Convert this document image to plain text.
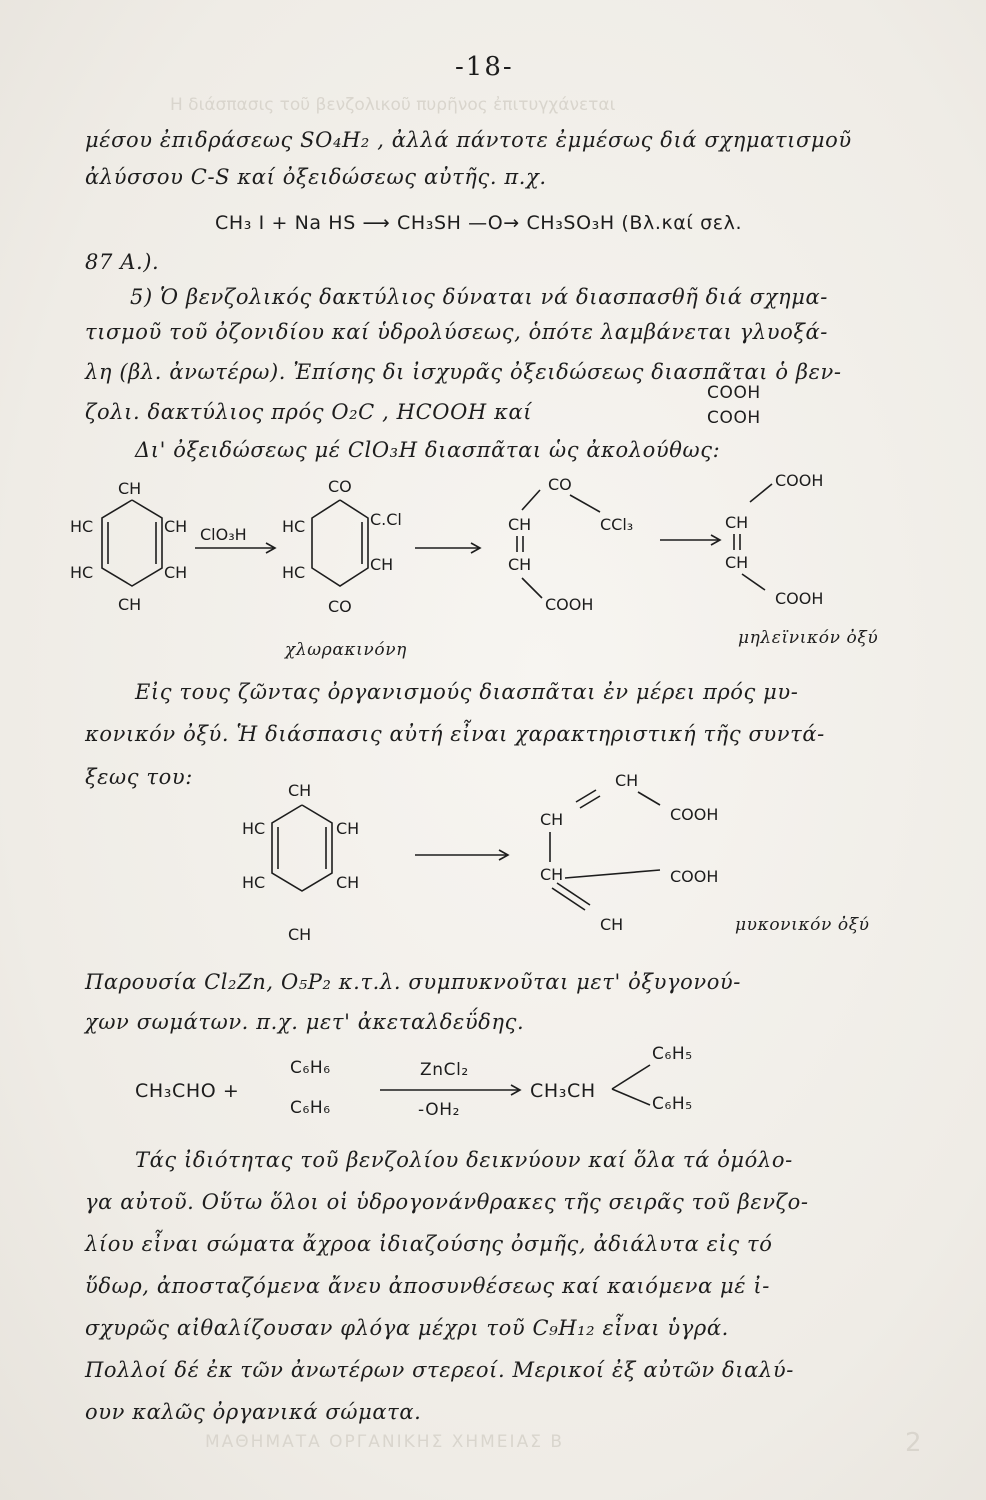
Η διάσπασις τοῦ βενζολικοῦ πυρῆνος ἐπιτυγχάνεται
ΜΑΘΗΜΑΤΑ ΟΡΓΑΝΙΚΗΣ ΧΗΜΕΙΑΣ B	2
-18-
μέσου ἐπιδράσεως SO₄H₂ , ἀλλά πάντοτε ἐμμέσως διά σχηματισμοῦ
ἀλύσσου C-S καί ὀξειδώσεως αὐτῆς. π.χ.
CH₃ I + Na HS ⟶ CH₃SH —O→ CH₃SO₃H (Βλ.καί σελ.
87 A.).
5) Ὁ βενζολικός δακτύλιος δύναται νά διασπασθῆ διά σχημα-
τισμοῦ τοῦ ὀζονιδίου καί ὑδρολύσεως, ὁπότε λαμβάνεται γλυοξά-
λη (βλ. ἀνωτέρω). Ἐπίσης δι ἰσχυρᾶς ὀξειδώσεως διασπᾶται ὁ βεν-
ζολι. δακτύλιος πρός O₂C , HCOOH καί
COOH
COOH
Δι' ὀξειδώσεως μέ ClO₃H διασπᾶται ὡς ἀκολούθως:
CH
HC	CH
HC	CH
CH
ClO₃H
CO
HC	C.Cl
HC	CH
CO
CO
CH
CH
CCl₃
COOH
COOH
CH
CH
COOH
χλωρακινόνη
μηλεϊνικόν ὀξύ
Εἰς τους ζῶντας ὀργανισμούς διασπᾶται ἐν μέρει πρός μυ-
κονικόν ὀξύ. Ἡ διάσπασις αὐτή εἶναι χαρακτηριστική τῆς συντά-
ξεως του:
CH
HC	CH
HC	CH
CH
CH
CH	COOH
CH	COOH
CH	μυκονικόν ὀξύ
Παρουσία Cl₂Zn, O₅P₂ κ.τ.λ. συμπυκνοῦται μετ' ὀξυγονού-
χων σωμάτων. π.χ. μετ' ἀκεταλδεΰδης.
CH₃CHO +
C₆H₆
C₆H₆
ZnCl₂
-OH₂
CH₃CH
C₆H₅
C₆H₅
Τάς ἰδιότητας τοῦ βενζολίου δεικνύουν καί ὅλα τά ὁμόλο-
γα αὐτοῦ. Οὕτω ὅλοι οἱ ὑδρογονάνθρακες τῆς σειρᾶς τοῦ βενζο-
λίου εἶναι σώματα ἄχροα ἰδιαζούσης ὀσμῆς, ἀδιάλυτα εἰς τό
ὕδωρ, ἀποσταζόμενα ἄνευ ἀποσυνθέσεως καί καιόμενα μέ ἰ-
σχυρῶς αἰθαλίζουσαν φλόγα μέχρι τοῦ C₉H₁₂ εἶναι ὑγρά.
Πολλοί δέ ἐκ τῶν ἀνωτέρων στερεοί. Μερικοί ἐξ αὐτῶν διαλύ-
ουν καλῶς ὀργανικά σώματα.
